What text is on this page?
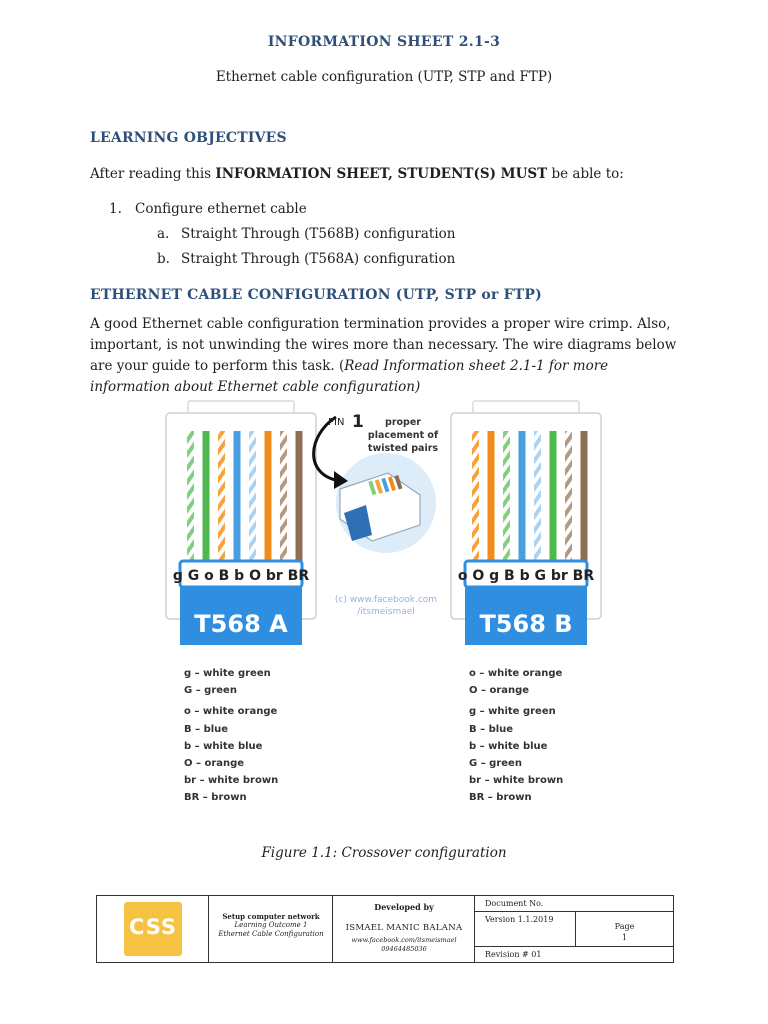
INFORMATION SHEET 2.1-3
Ethernet cable configuration (UTP, STP and FTP)
LEARNING OBJECTIVES
After reading this INFORMATION SHEET, STUDENT(S) MUST be able to:
1. Configure ethernet cable
a. Straight Through (T568B) configuration
b. Straight Through (T568A) configuration
ETHERNET CABLE CONFIGURATION (UTP, STP or FTP)
A good Ethernet cable configuration termination provides a proper wire crimp. Also, important, is not unwinding the wires more than necessary. The wire diagrams below are your guide to perform this task. (Read Information sheet 2.1-1 for more information about Ethernet cable configuration)
g G o B b O br BR
T568 A
o O g B b G br BR
T568 B
PIN 1 proper
placement of
twisted pairs
(c) www.facebook.com
/itsmeismael
g – white green
G – green
o – white orange
B – blue
b – white blue
O – orange
br – white brown
BR – brown
o – white orange
O – orange
g – white green
B – blue
b – white blue
G – green
br – white brown
BR – brown
Figure 1.1: Crossover configuration
CSS	Setup computer network
Learning Outcome 1
Ethernet Cable Configuration
Developed by
ISMAEL MANIC BALANA
www.facebook.com/itsmeismael
09464485036
Document No.
Version 1.1.2019
Revision # 01
Page
1
